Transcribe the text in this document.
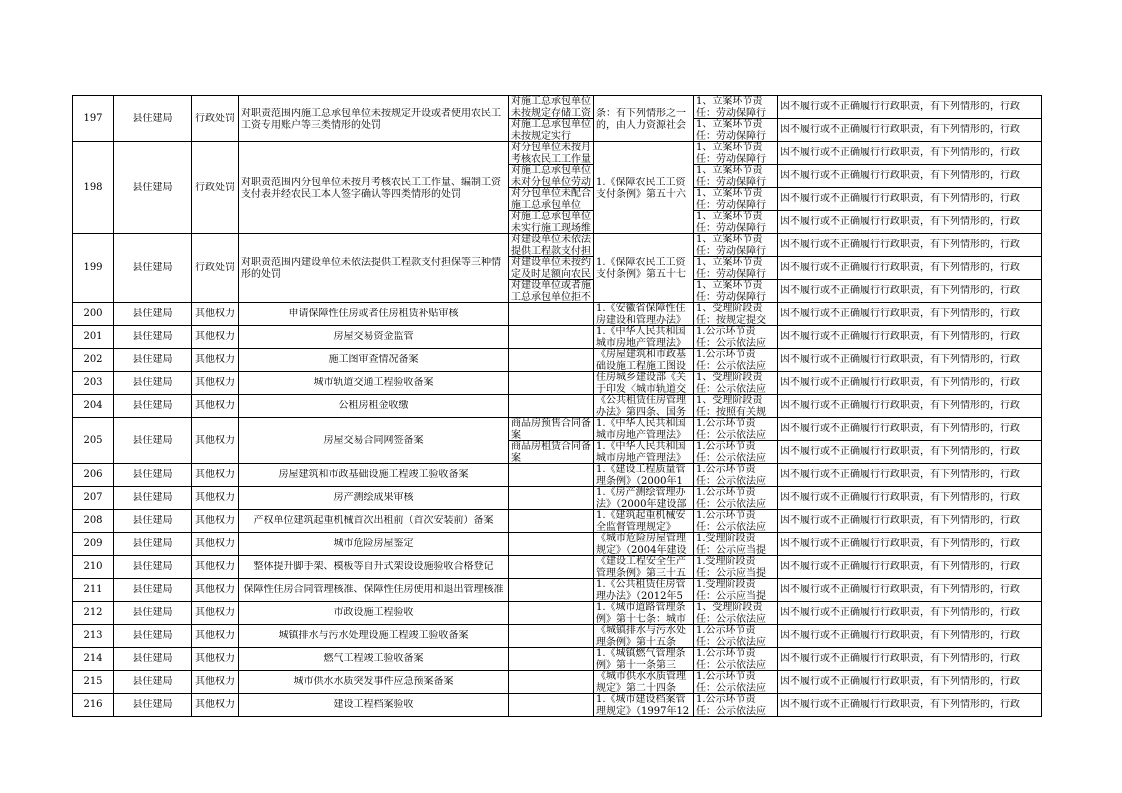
197	县住建局	行政处罚	对职责范围内施工总承包单位未按规定开设或者使用农民工工资专用账户等三类情形的处罚	对施工总承包单位未按规定存储工资	条：有下列情形之一的，由人力资源社会	1、立案环节责任：劳动保障行	因不履行或不正确履行行政职责，有下列情形的，行政

				对施工总承包单位未按规定实行		1、立案环节责任：劳动保障行	因不履行或不正确履行行政职责，有下列情形的，行政

198	县住建局	行政处罚	对职责范围内分包单位未按月考核农民工工作量、编制工资支付表并经农民工本人签字确认等四类情形的处罚	对分包单位未按月考核农民工工作量	1.《保障农民工工资支付条例》第五十六	1、立案环节责任：劳动保障行	因不履行或不正确履行行政职责，有下列情形的，行政

				对施工总承包单位未对分包单位劳动		1、立案环节责任：劳动保障行	因不履行或不正确履行行政职责，有下列情形的，行政

				对分包单位未配合施工总承包单位		1、立案环节责任：劳动保障行	因不履行或不正确履行行政职责，有下列情形的，行政

				对施工总承包单位未实行施工现场维		1、立案环节责任：劳动保障行	因不履行或不正确履行行政职责，有下列情形的，行政

199	县住建局	行政处罚	对职责范围内建设单位未依法提供工程款支付担保等三种情形的处罚	对建设单位未依法提供工程款支付担	1.《保障农民工工资支付条例》第五十七	1、立案环节责任：劳动保障行	因不履行或不正确履行行政职责，有下列情形的，行政

				对建设单位未按约定及时足额向农民		1、立案环节责任：劳动保障行	因不履行或不正确履行行政职责，有下列情形的，行政

				对建设单位或者施工总承包单位拒不		1、立案环节责任：劳动保障行	因不履行或不正确履行行政职责，有下列情形的，行政

200	县住建局	其他权力	申请保障性住房或者住房租赁补贴审核		1.《安徽省保障性住房建设和管理办法》	1、受理阶段责任：按规定提交	因不履行或不正确履行行政职责，有下列情形的，行政

201	县住建局	其他权力	房屋交易资金监管		1.《中华人民共和国城市房地产管理法》	1.公示环节责任：公示依法应	因不履行或不正确履行行政职责，有下列情形的，行政

202	县住建局	其他权力	施工图审查情况备案		《房屋建筑和市政基础设施工程施工图设	1.公示环节责任：公示依法应	因不履行或不正确履行行政职责，有下列情形的，行政

203	县住建局	其他权力	城市轨道交通工程验收备案		住房城乡建设部《关于印发〈城市轨道交	1、受理阶段责任：公示依法应	因不履行或不正确履行行政职责，有下列情形的，行政

204	县住建局	其他权力	公租房租金收缴		《公共租赁住房管理办法》第四条、国务	1、受理阶段责任：按照有关规	因不履行或不正确履行行政职责，有下列情形的，行政

205	县住建局	其他权力	房屋交易合同网签备案	商品房预售合同备案	1.《中华人民共和国城市房地产管理法》	1.公示环节责任：公示依法应	因不履行或不正确履行行政职责，有下列情形的，行政

				商品房租赁合同备案	1.《中华人民共和国城市房地产管理法》	1.公示环节责任：公示依法应	因不履行或不正确履行行政职责，有下列情形的，行政

206	县住建局	其他权力	房屋建筑和市政基础设施工程竣工验收备案		1.《建设工程质量管理条例》（2000年1	1.公示环节责任：公示依法应	因不履行或不正确履行行政职责，有下列情形的，行政

207	县住建局	其他权力	房产测绘成果审核		1.《房产测绘管理办法》（2000年建设部	1.公示环节责任：公示依法应	因不履行或不正确履行行政职责，有下列情形的，行政

208	县住建局	其他权力	产权单位建筑起重机械首次出租前（首次安装前）备案		1.《建筑起重机械安全监督管理规定》	1.公示环节责任：公示依法应	因不履行或不正确履行行政职责，有下列情形的，行政

209	县住建局	其他权力	城市危险房屋鉴定		《城市危险房屋管理规定》（2004年建设	1.受理阶段责任：公示应当提	因不履行或不正确履行行政职责，有下列情形的，行政

210	县住建局	其他权力	整体提升脚手架、模板等自升式架设设施验收合格登记		《建设工程安全生产管理条例》第三十五	1.受理阶段责任：公示应当提	因不履行或不正确履行行政职责，有下列情形的，行政

211	县住建局	其他权力	保障性住房合同管理核准、保障性住房使用和退出管理核准		1.《公共租赁住房管理办法》（2012年5	1.受理阶段责任：公示应当提	因不履行或不正确履行行政职责，有下列情形的，行政

212	县住建局	其他权力	市政设施工程验收		1.《城市道路管理条例》第十七条：城市	1、受理阶段责任：公示依法应	因不履行或不正确履行行政职责，有下列情形的，行政

213	县住建局	其他权力	城镇排水与污水处理设施工程竣工验收备案		《城镇排水与污水处理条例》第十五条	1.公示环节责任：公示依法应	因不履行或不正确履行行政职责，有下列情形的，行政

214	县住建局	其他权力	燃气工程竣工验收备案		1.《城镇燃气管理条例》第十一条第三	1.公示环节责任：公示依法应	因不履行或不正确履行行政职责，有下列情形的，行政

215	县住建局	其他权力	城市供水水质突发事件应急预案备案		《城市供水水质管理规定》第二十四条	1.公示环节责任：公示依法应	因不履行或不正确履行行政职责，有下列情形的，行政

216	县住建局	其他权力	建设工程档案验收		1.《城市建设档案管理规定》（1997年12	1.公示环节责任：公示依法应	因不履行或不正确履行行政职责，有下列情形的，行政
